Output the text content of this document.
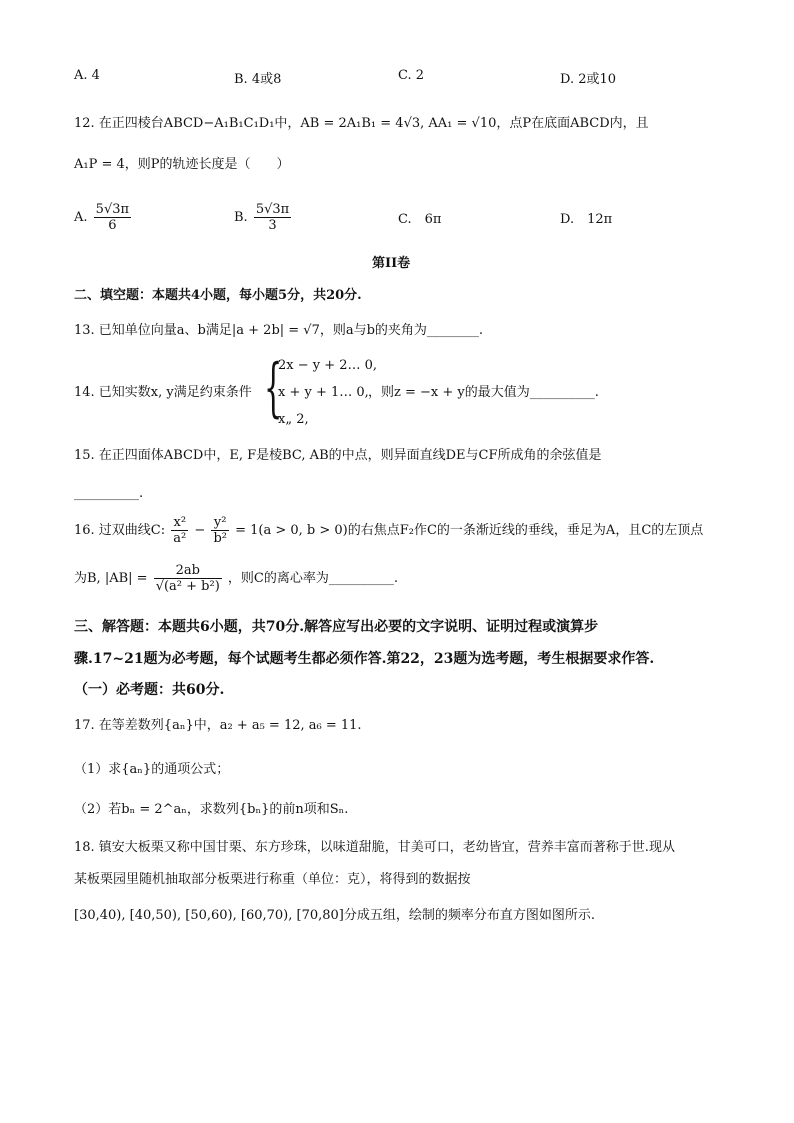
A. 4	B. 4或8	C. 2	D. 2或10
12. 在正四棱台ABCD−A₁B₁C₁D₁中，AB = 2A₁B₁ = 4√3, AA₁ = √10，点P在底面ABCD内，且
A₁P = 4，则P的轨迹长度是（　　）
A. $\frac{5√3\pi}{6}$	B. $\frac{5√3\pi}{3}$	C.　6π	D.　12π
第II卷
二、填空题：本题共4小题，每小题5分，共20分.
13. 已知单位向量a、b满足|a + 2b| = √7，则a与b的夹角为________.
14. 已知实数x, y满足约束条件 {
2x − y + 2… 0,
x + y + 1… 0,
x„ 2,
，则z = −x + y的最大值为__________.
15. 在正四面体ABCD中，E, F是棱BC, AB的中点，则异面直线DE与CF所成角的余弦值是
__________.
16. 过双曲线C: $\frac{\text{x²}}{\text{a²}} - \frac{\text{y²}}{\text{b²}} = 1(a > 0$, b > 0)的右焦点F₂作C的一条渐近线的垂线，垂足为A，且C的左顶点
为B, $|AB| = \frac{2ab}{\text{√(a² + b²)}}$ ，则C的离心率为__________.
三、解答题：本题共6小题，共70分.解答应写出必要的文字说明、证明过程或演算步
骤.17~21题为必考题，每个试题考生都必须作答.第22，23题为选考题，考生根据要求作答.
（一）必考题：共60分.
17. 在等差数列{aₙ}中，a₂ + a₅ = 12, a₆ = 11.
（1）求{aₙ}的通项公式；
（2）若bₙ = 2^aₙ，求数列{bₙ}的前n项和Sₙ.
18. 镇安大板栗又称中国甘栗、东方珍珠，以味道甜脆，甘美可口，老幼皆宜，营养丰富而著称于世.现从
某板栗园里随机抽取部分板栗进行称重（单位：克），将得到的数据按
[30,40), [40,50), [50,60), [60,70), [70,80]分成五组，绘制的频率分布直方图如图所示.
